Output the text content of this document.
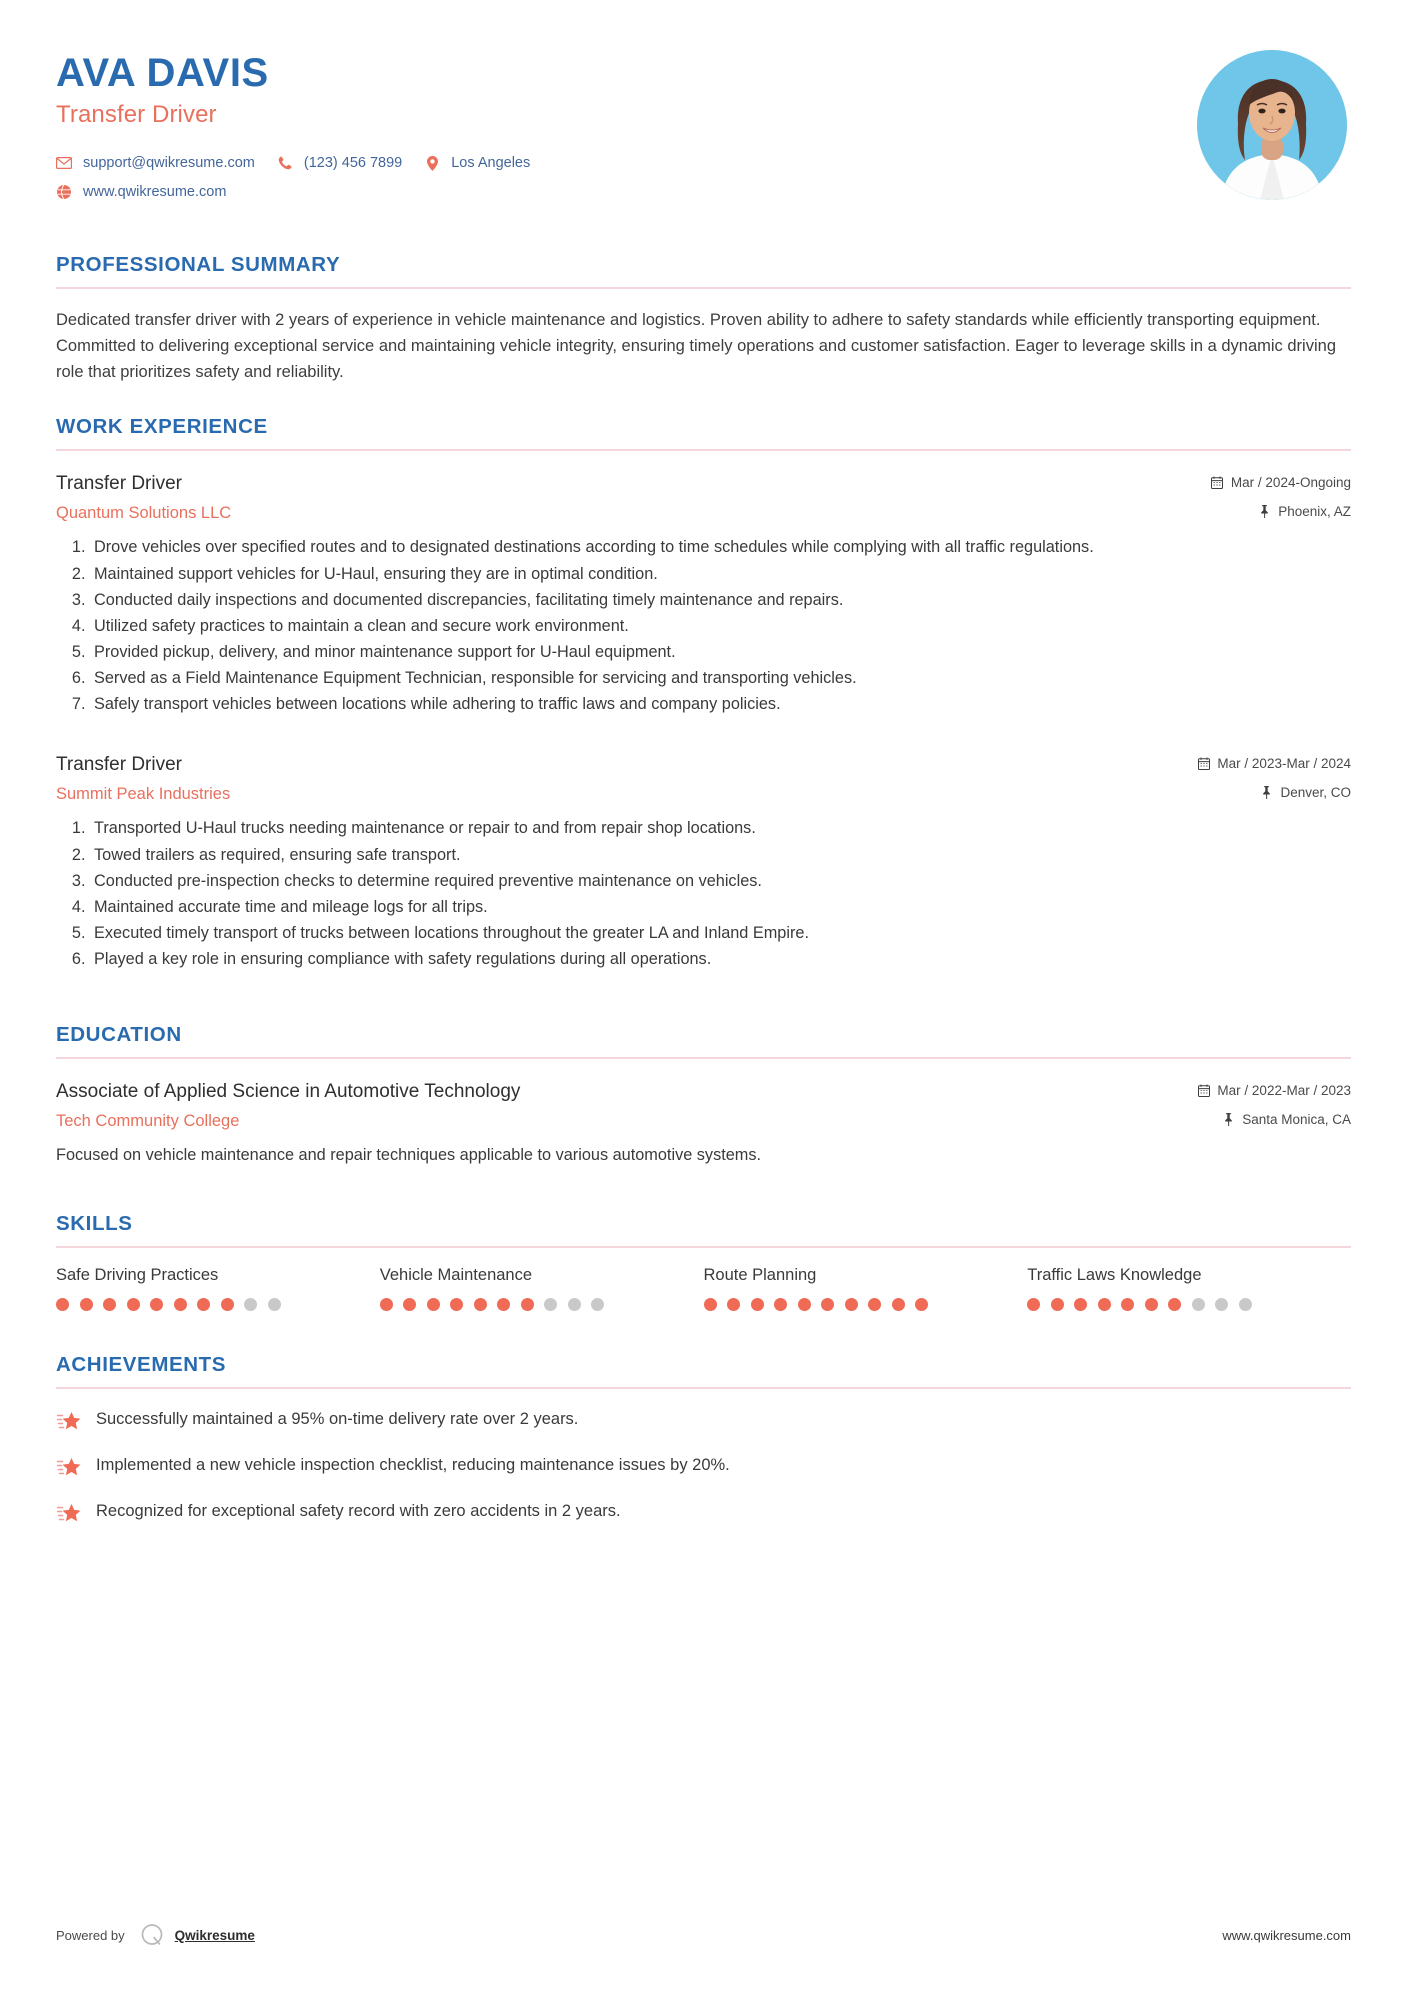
AVA DAVIS
Transfer Driver
support@qwikresume.com	(123) 456 7899	Los Angeles
www.qwikresume.com
PROFESSIONAL SUMMARY

Dedicated transfer driver with 2 years of experience in vehicle maintenance and logistics. Proven ability to adhere to safety standards while efficiently transporting equipment. Committed to delivering exceptional service and maintaining vehicle integrity, ensuring timely operations and customer satisfaction. Eager to leverage skills in a dynamic driving role that prioritizes safety and reliability.

WORK EXPERIENCE
Transfer Driver	Mar / 2024-Ongoing
Quantum Solutions LLC	Phoenix, AZ
1. Drove vehicles over specified routes and to designated destinations according to time schedules while complying with all traffic regulations.
2. Maintained support vehicles for U-Haul, ensuring they are in optimal condition.
3. Conducted daily inspections and documented discrepancies, facilitating timely maintenance and repairs.
4. Utilized safety practices to maintain a clean and secure work environment.
5. Provided pickup, delivery, and minor maintenance support for U-Haul equipment.
6. Served as a Field Maintenance Equipment Technician, responsible for servicing and transporting vehicles.
7. Safely transport vehicles between locations while adhering to traffic laws and company policies.
Transfer Driver	Mar / 2023-Mar / 2024
Summit Peak Industries	Denver, CO
1. Transported U-Haul trucks needing maintenance or repair to and from repair shop locations.
2. Towed trailers as required, ensuring safe transport.
3. Conducted pre-inspection checks to determine required preventive maintenance on vehicles.
4. Maintained accurate time and mileage logs for all trips.
5. Executed timely transport of trucks between locations throughout the greater LA and Inland Empire.
6. Played a key role in ensuring compliance with safety regulations during all operations.
EDUCATION
Associate of Applied Science in Automotive Technology	Mar / 2022-Mar / 2023
Tech Community College	Santa Monica, CA
Focused on vehicle maintenance and repair techniques applicable to various automotive systems.
SKILLS
Safe Driving Practices	Vehicle Maintenance	Route Planning	Traffic Laws Knowledge
ACHIEVEMENTS
Successfully maintained a 95% on-time delivery rate over 2 years.
Implemented a new vehicle inspection checklist, reducing maintenance issues by 20%.
Recognized for exceptional safety record with zero accidents in 2 years.
Powered by	Qwikresume	www.qwikresume.com
